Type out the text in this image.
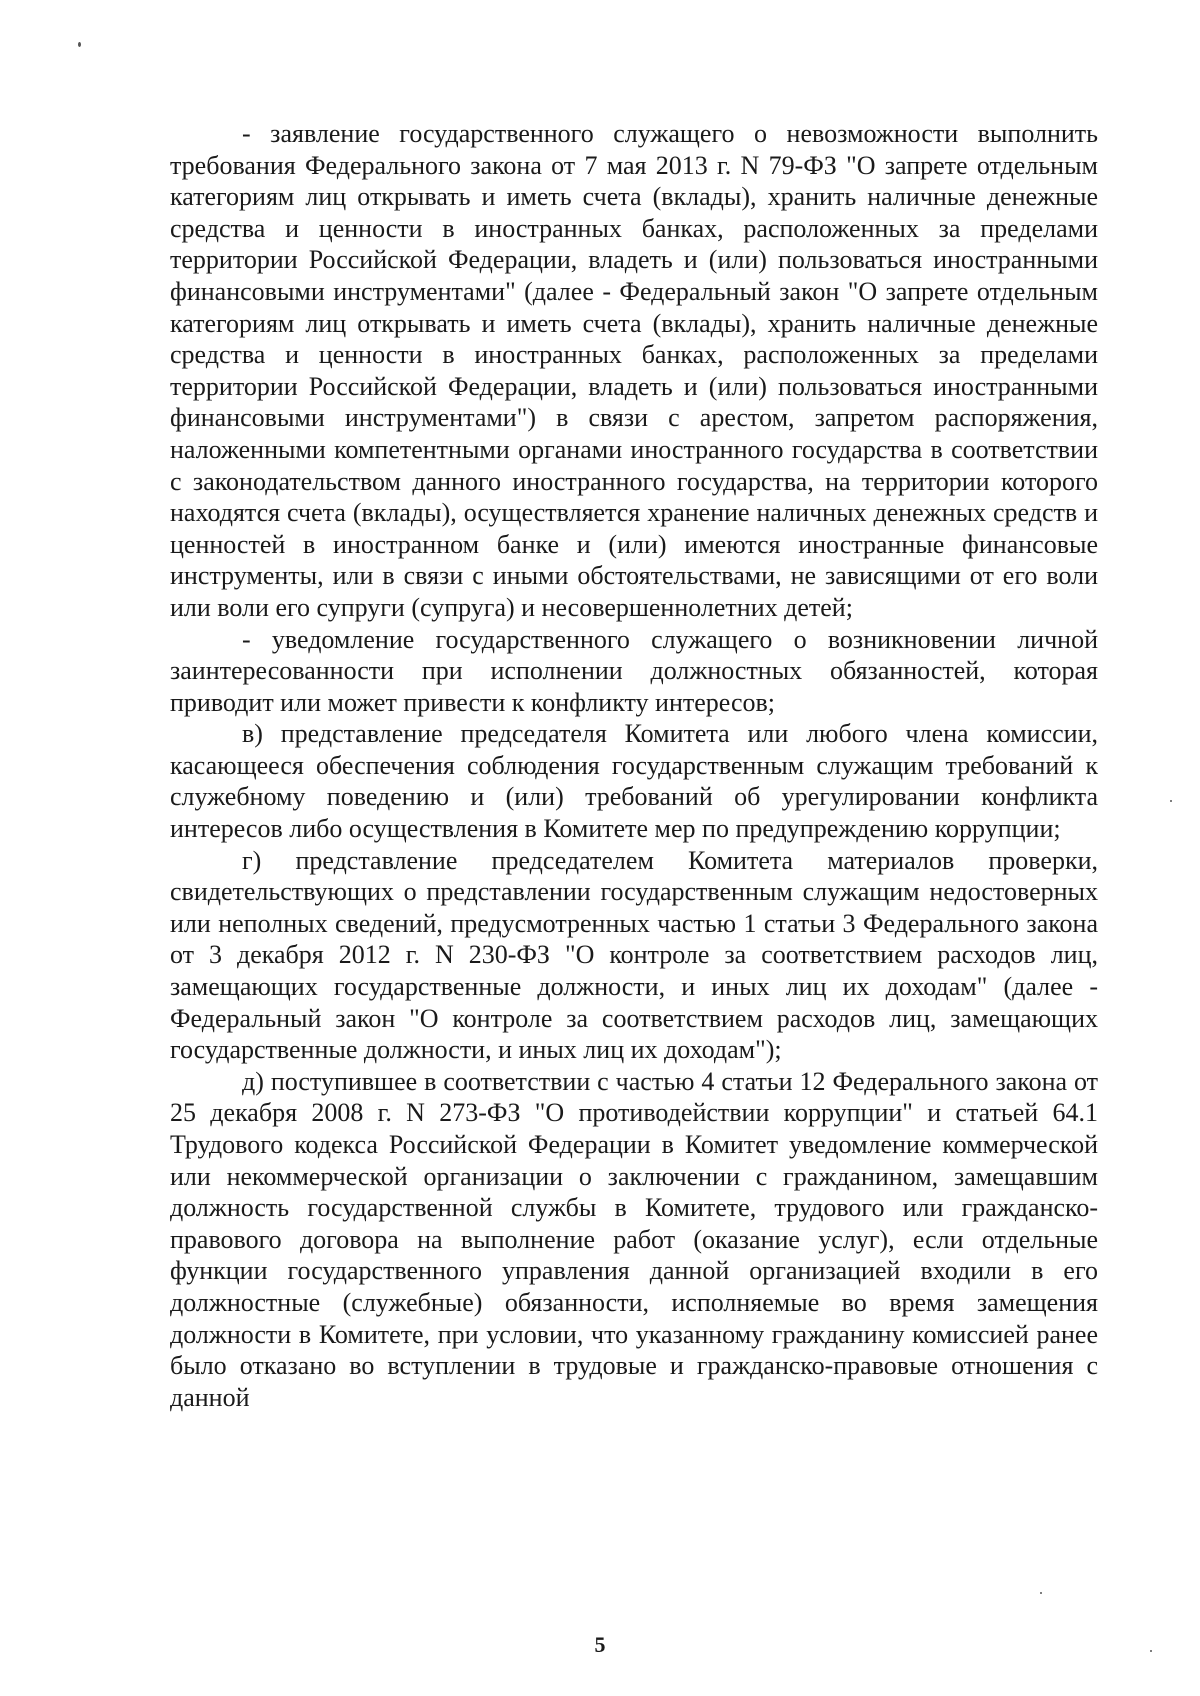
- заявление государственного служащего о невозможности выполнить требования Федерального закона от 7 мая 2013 г. N 79-ФЗ "О запрете отдельным категориям лиц открывать и иметь счета (вклады), хранить наличные денежные средства и ценности в иностранных банках, расположенных за пределами территории Российской Федерации, владеть и (или) пользоваться иностранными финансовыми инструментами" (далее - Федеральный закон "О запрете отдельным категориям лиц открывать и иметь счета (вклады), хранить наличные денежные средства и ценности в иностранных банках, расположенных за пределами территории Российской Федерации, владеть и (или) пользоваться иностранными финансовыми инструментами") в связи с арестом, запретом распоряжения, наложенными компетентными органами иностранного государства в соответствии с законодательством данного иностранного государства, на территории которого находятся счета (вклады), осуществляется хранение наличных денежных средств и ценностей в иностранном банке и (или) имеются иностранные финансовые инструменты, или в связи с иными обстоятельствами, не зависящими от его воли или воли его супруги (супруга) и несовершеннолетних детей;

- уведомление государственного служащего о возникновении личной заинтересованности при исполнении должностных обязанностей, которая приводит или может привести к конфликту интересов;

в) представление председателя Комитета или любого члена комиссии, касающееся обеспечения соблюдения государственным служащим требований к служебному поведению и (или) требований об урегулировании конфликта интересов либо осуществления в Комитете мер по предупреждению коррупции;

г) представление председателем Комитета материалов проверки, свидетельствующих о представлении государственным служащим недостоверных или неполных сведений, предусмотренных частью 1 статьи 3 Федерального закона от 3 декабря 2012 г. N 230-ФЗ "О контроле за соответствием расходов лиц, замещающих государственные должности, и иных лиц их доходам" (далее - Федеральный закон "О контроле за соответствием расходов лиц, замещающих государственные должности, и иных лиц их доходам");

д) поступившее в соответствии с частью 4 статьи 12 Федерального закона от 25 декабря 2008 г. N 273-ФЗ "О противодействии коррупции" и статьей 64.1 Трудового кодекса Российской Федерации в Комитет уведомление коммерческой или некоммерческой организации о заключении с гражданином, замещавшим должность государственной службы в Комитете, трудового или гражданско-правового договора на выполнение работ (оказание услуг), если отдельные функции государственного управления данной организацией входили в его должностные (служебные) обязанности, исполняемые во время замещения должности в Комитете, при условии, что указанному гражданину комиссией ранее было отказано во вступлении в трудовые и гражданско-правовые отношения с данной

5
